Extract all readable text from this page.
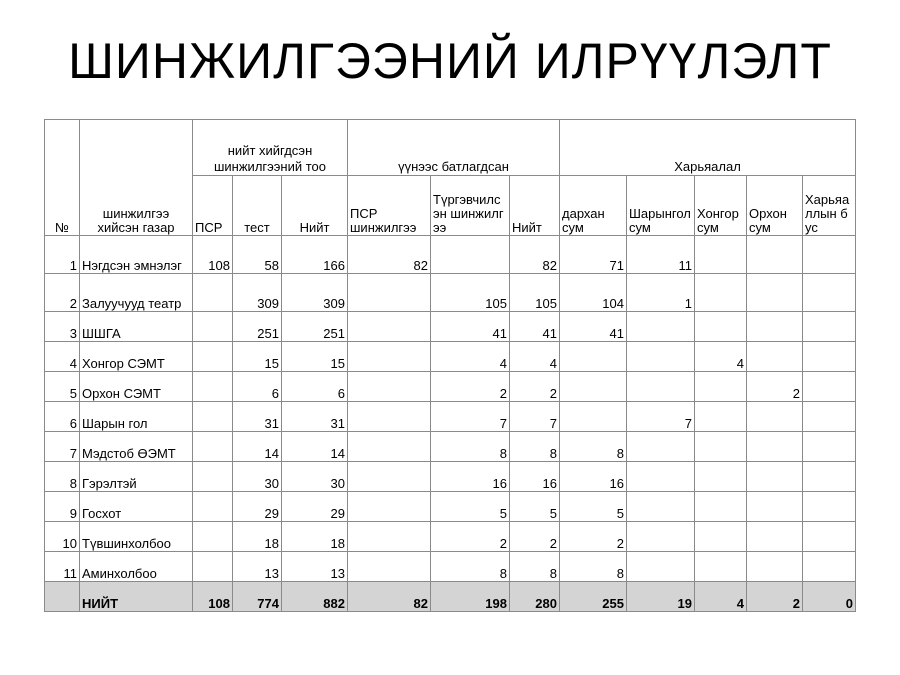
ШИНЖИЛГЭЭНИЙ ИЛРҮҮЛЭЛТ
№	шинжилгээ хийсэн газар	нийт хийгдсэн шинжилгээний тоо			үүнээс батлагдсан			Харьяалал				
		ПСР	тест	Нийт	ПСР шинжилгээ	Түргэвчилсэн шинжилгээ	Нийт	дархан сум	Шарынгол сум	Хонгор сум	Орхон сум	Харьяаллын бус
1	Нэгдсэн эмнэлэг	108	58	166	82		82	71	11			
2	Залуучууд театр		309	309		105	105	104	1			
3	ШШГА		251	251		41	41	41				
4	Хонгор СЭМТ		15	15		4	4			4		
5	Орхон СЭМТ		6	6		2	2				2	
6	Шарын гол		31	31		7	7		7			
7	Мэдстоб ӨЭМТ		14	14		8	8	8				
8	Гэрэлтэй		30	30		16	16	16				
9	Госхот		29	29		5	5	5				
10	Түвшинхолбоо		18	18		2	2	2				
11	Аминхолбоо		13	13		8	8	8				
	НИЙТ	108	774	882	82	198	280	255	19	4	2	0
